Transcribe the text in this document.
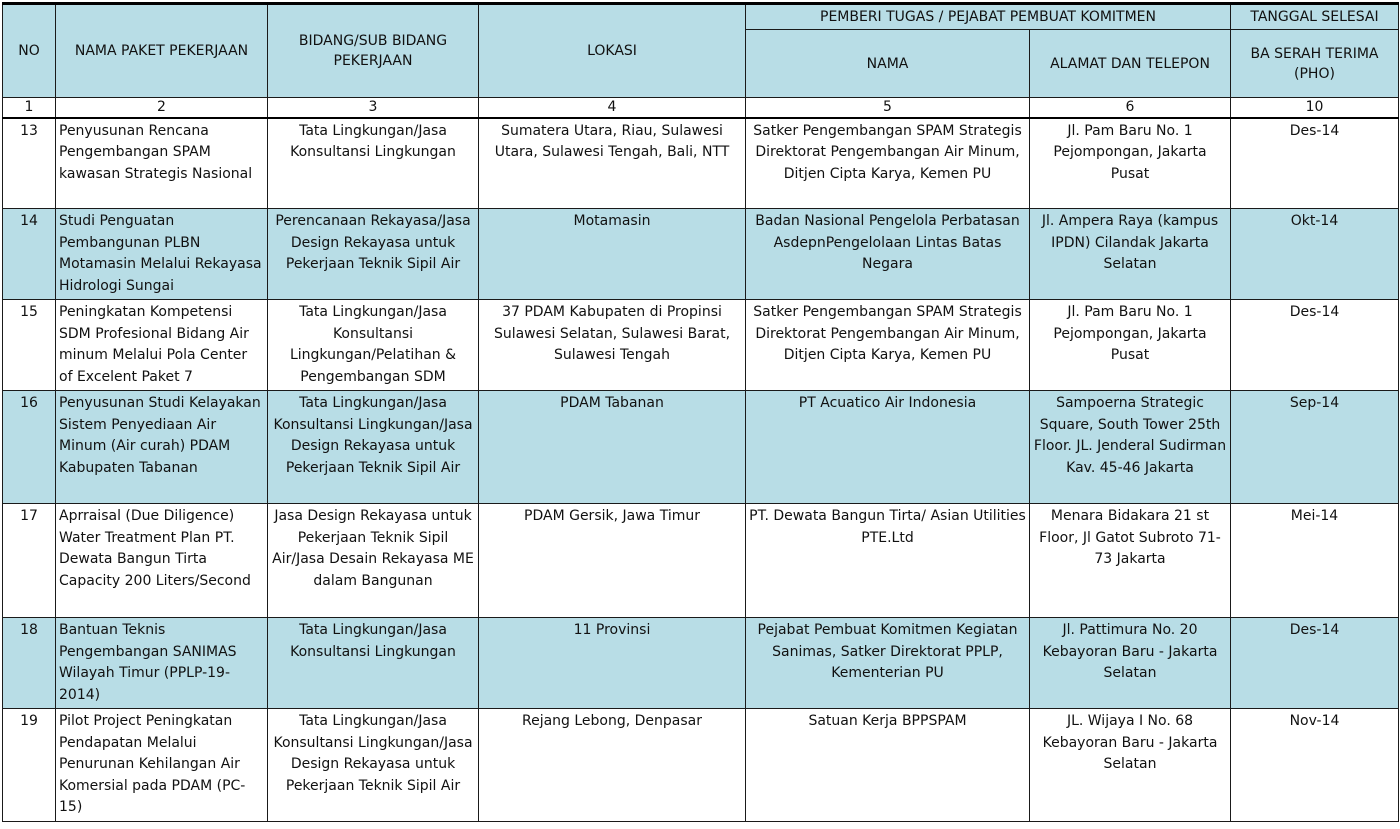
NO	NAMA PAKET PEKERJAAN	BIDANG/SUB BIDANG PEKERJAAN	LOKASI	PEMBERI TUGAS / PEJABAT PEMBUAT KOMITMEN		TANGGAL SELESAI
				NAMA	ALAMAT DAN TELEPON	BA SERAH TERIMA (PHO)
1	2	3	4	5	6	10
13	Penyusunan Rencana Pengembangan SPAM kawasan Strategis Nasional	Tata Lingkungan/Jasa Konsultansi Lingkungan	Sumatera Utara, Riau, Sulawesi Utara, Sulawesi Tengah, Bali, NTT	Satker Pengembangan SPAM Strategis Direktorat Pengembangan Air Minum, Ditjen Cipta Karya, Kemen PU	Jl. Pam Baru No. 1 Pejompongan, Jakarta Pusat	Des-14
14	Studi Penguatan Pembangunan PLBN Motamasin Melalui Rekayasa Hidrologi Sungai	Perencanaan Rekayasa/Jasa Design Rekayasa untuk Pekerjaan Teknik Sipil Air	Motamasin	Badan Nasional Pengelola Perbatasan AsdepnPengelolaan Lintas Batas Negara	Jl. Ampera Raya (kampus IPDN) Cilandak Jakarta Selatan	Okt-14
15	Peningkatan Kompetensi SDM Profesional Bidang Air minum Melalui Pola Center of Excelent Paket 7	Tata Lingkungan/Jasa Konsultansi Lingkungan/Pelatihan & Pengembangan SDM	37 PDAM Kabupaten di Propinsi Sulawesi Selatan, Sulawesi Barat, Sulawesi Tengah	Satker Pengembangan SPAM Strategis Direktorat Pengembangan Air Minum, Ditjen Cipta Karya, Kemen PU	Jl. Pam Baru No. 1 Pejompongan, Jakarta Pusat	Des-14
16	Penyusunan Studi Kelayakan Sistem Penyediaan Air Minum (Air curah) PDAM Kabupaten Tabanan	Tata Lingkungan/Jasa Konsultansi Lingkungan/Jasa Design Rekayasa untuk Pekerjaan Teknik Sipil Air	PDAM Tabanan	PT Acuatico Air Indonesia	Sampoerna Strategic Square, South Tower 25th Floor. JL. Jenderal Sudirman Kav. 45-46 Jakarta	Sep-14
17	Aprraisal (Due Diligence) Water Treatment Plan PT. Dewata Bangun Tirta Capacity 200 Liters/Second	Jasa Design Rekayasa untuk Pekerjaan Teknik Sipil Air/Jasa Desain Rekayasa ME dalam Bangunan	PDAM Gersik, Jawa Timur	PT. Dewata Bangun Tirta/ Asian Utilities PTE.Ltd	Menara Bidakara 21 st Floor, Jl Gatot Subroto 71-73 Jakarta	Mei-14
18	Bantuan Teknis Pengembangan SANIMAS Wilayah Timur (PPLP-19-2014)	Tata Lingkungan/Jasa Konsultansi Lingkungan	11 Provinsi	Pejabat Pembuat Komitmen Kegiatan Sanimas, Satker Direktorat PPLP, Kementerian PU	Jl. Pattimura No. 20 Kebayoran Baru - Jakarta Selatan	Des-14
19	Pilot Project Peningkatan Pendapatan Melalui Penurunan Kehilangan Air Komersial pada PDAM (PC-15)	Tata Lingkungan/Jasa Konsultansi Lingkungan/Jasa Design Rekayasa untuk Pekerjaan Teknik Sipil Air	Rejang Lebong, Denpasar	Satuan Kerja BPPSPAM	JL. Wijaya I No. 68 Kebayoran Baru - Jakarta Selatan	Nov-14
